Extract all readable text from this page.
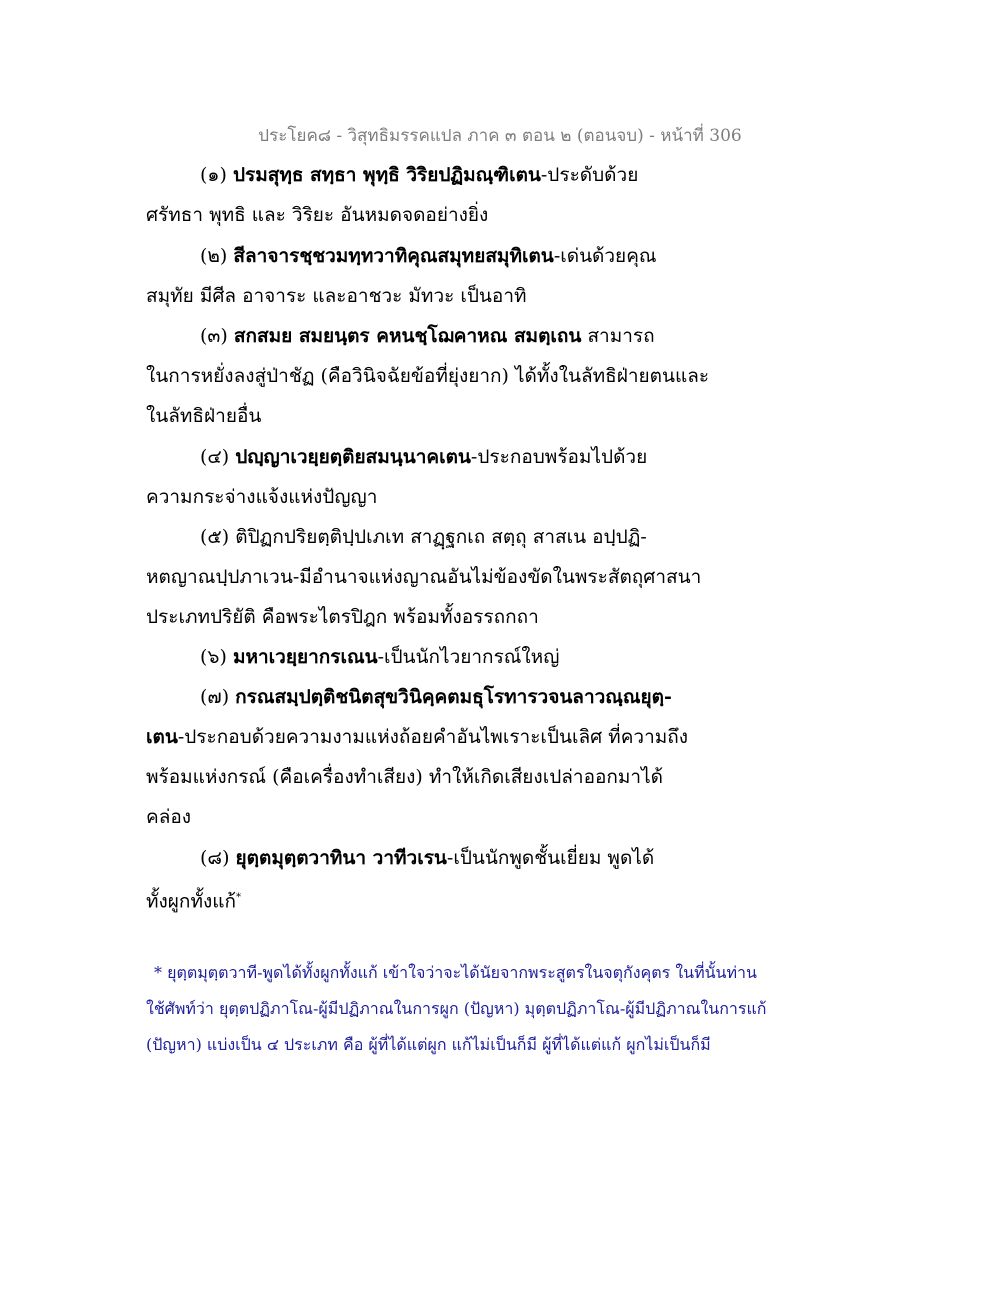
ประโยค๘ - วิสุทธิมรรคแปล ภาค ๓ ตอน ๒ (ตอนจบ) - หน้าที่ 306
(๑) ปรมสุทฺธ สทฺธา พุทฺธิ วิริยปฏิมณฺฑิเตน-ประดับด้วย
ศรัทธา พุทธิ และ วิริยะ อันหมดจดอย่างยิ่ง
(๒) สีลาจารชฺชวมทฺทวาทิคุณสมุทยสมุทิเตน-เด่นด้วยคุณ
สมุทัย มีศีล อาจาระ และอาชวะ มัทวะ เป็นอาทิ
(๓) สกสมย สมยนฺตร คหนชฺโฌคาหณ สมตฺเถน สามารถ
ในการหยั่งลงสู่ป่าชัฏ (คือวินิจฉัยข้อที่ยุ่งยาก) ได้ทั้งในลัทธิฝ่ายตนและ
ในลัทธิฝ่ายอื่น
(๔) ปญฺญาเวยฺยตฺติยสมนฺนาคเตน-ประกอบพร้อมไปด้วย
ความกระจ่างแจ้งแห่งปัญญา
(๕) ติปิฏกปริยตฺติปฺปเภเท สาฏฺฐกเถ สตฺถุ สาสเน อปฺปฏิ-
หตญาณปฺปภาเวน-มีอำนาจแห่งญาณอันไม่ข้องขัดในพระสัตถุศาสนา
ประเภทปริยัติ คือพระไตรปิฎก พร้อมทั้งอรรถกถา
(๖) มหาเวยฺยากรเณน-เป็นนักไวยากรณ์ใหญ่
(๗) กรณสมฺปตฺติชนิตสุขวินิคฺคตมธุโรทารวจนลาวณฺณยุตฺ-
เตน-ประกอบด้วยความงามแห่งถ้อยคำอันไพเราะเป็นเลิศ ที่ความถึง
พร้อมแห่งกรณ์ (คือเครื่องทำเสียง) ทำให้เกิดเสียงเปล่าออกมาได้
คล่อง
(๘) ยุตฺตมุตฺตวาทินา วาทีวเรน-เป็นนักพูดชั้นเยี่ยม พูดได้
ทั้งผูกทั้งแก้*
* ยุตฺตมุตฺตวาที-พูดได้ทั้งผูกทั้งแก้ เข้าใจว่าจะได้นัยจากพระสูตรในจตุกังคุตร ในที่นั้นท่าน
ใช้ศัพท์ว่า ยุตฺตปฏิภาโณ-ผู้มีปฏิภาณในการผูก (ปัญหา) มุตฺตปฏิภาโณ-ผู้มีปฏิภาณในการแก้
(ปัญหา) แบ่งเป็น ๔ ประเภท คือ ผู้ที่ได้แต่ผูก แก้ไม่เป็นก็มี ผู้ที่ได้แต่แก้ ผูกไม่เป็นก็มี
